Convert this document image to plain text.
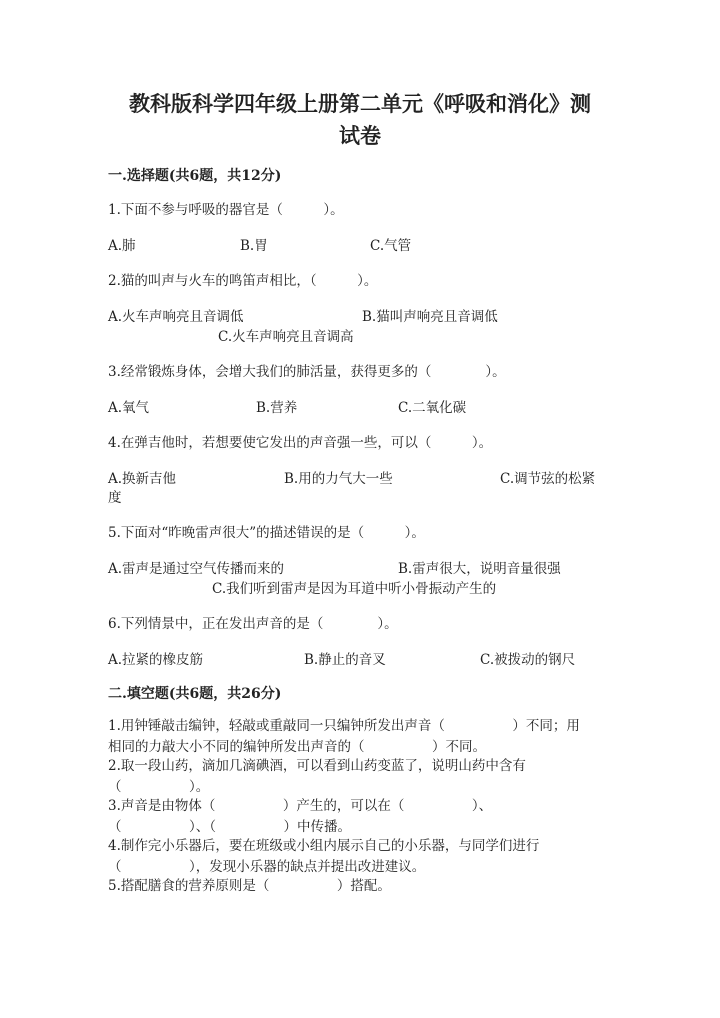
教科版科学四年级上册第二单元《呼吸和消化》测
试卷
一.选择题(共6题，共12分)
1.下面不参与呼吸的器官是（　　　）。
A.肺	B.胃	C.气管
2.猫的叫声与火车的鸣笛声相比，（　　　）。
A.火车声响亮且音调低	B.猫叫声响亮且音调低
C.火车声响亮且音调高
3.经常锻炼身体，会增大我们的肺活量，获得更多的（　　　　）。
A.氧气	B.营养	C.二氧化碳
4.在弹吉他时，若想要使它发出的声音强一些，可以（　　　）。
A.换新吉他	B.用的力气大一些	C.调节弦的松紧
度
5.下面对“昨晚雷声很大”的描述错误的是（　　　）。
A.雷声是通过空气传播而来的	B.雷声很大，说明音量很强
C.我们听到雷声是因为耳道中听小骨振动产生的
6.下列情景中，正在发出声音的是（　　　　）。
A.拉紧的橡皮筋	B.静止的音叉	C.被拨动的钢尺
二.填空题(共6题，共26分)
1.用钟锤敲击编钟，轻敲或重敲同一只编钟所发出声音（　　　　　）不同；用
相同的力敲大小不同的编钟所发出声音的（　　　　　）不同。
2.取一段山药，滴加几滴碘酒，可以看到山药变蓝了，说明山药中含有
（　　　　　）。
3.声音是由物体（　　　　　）产生的，可以在（　　　　　）、
（　　　　　）、（　　　　　）中传播。
4.制作完小乐器后，要在班级或小组内展示自己的小乐器，与同学们进行
（　　　　　），发现小乐器的缺点并提出改进建议。
5.搭配膳食的营养原则是（　　　　　）搭配。
